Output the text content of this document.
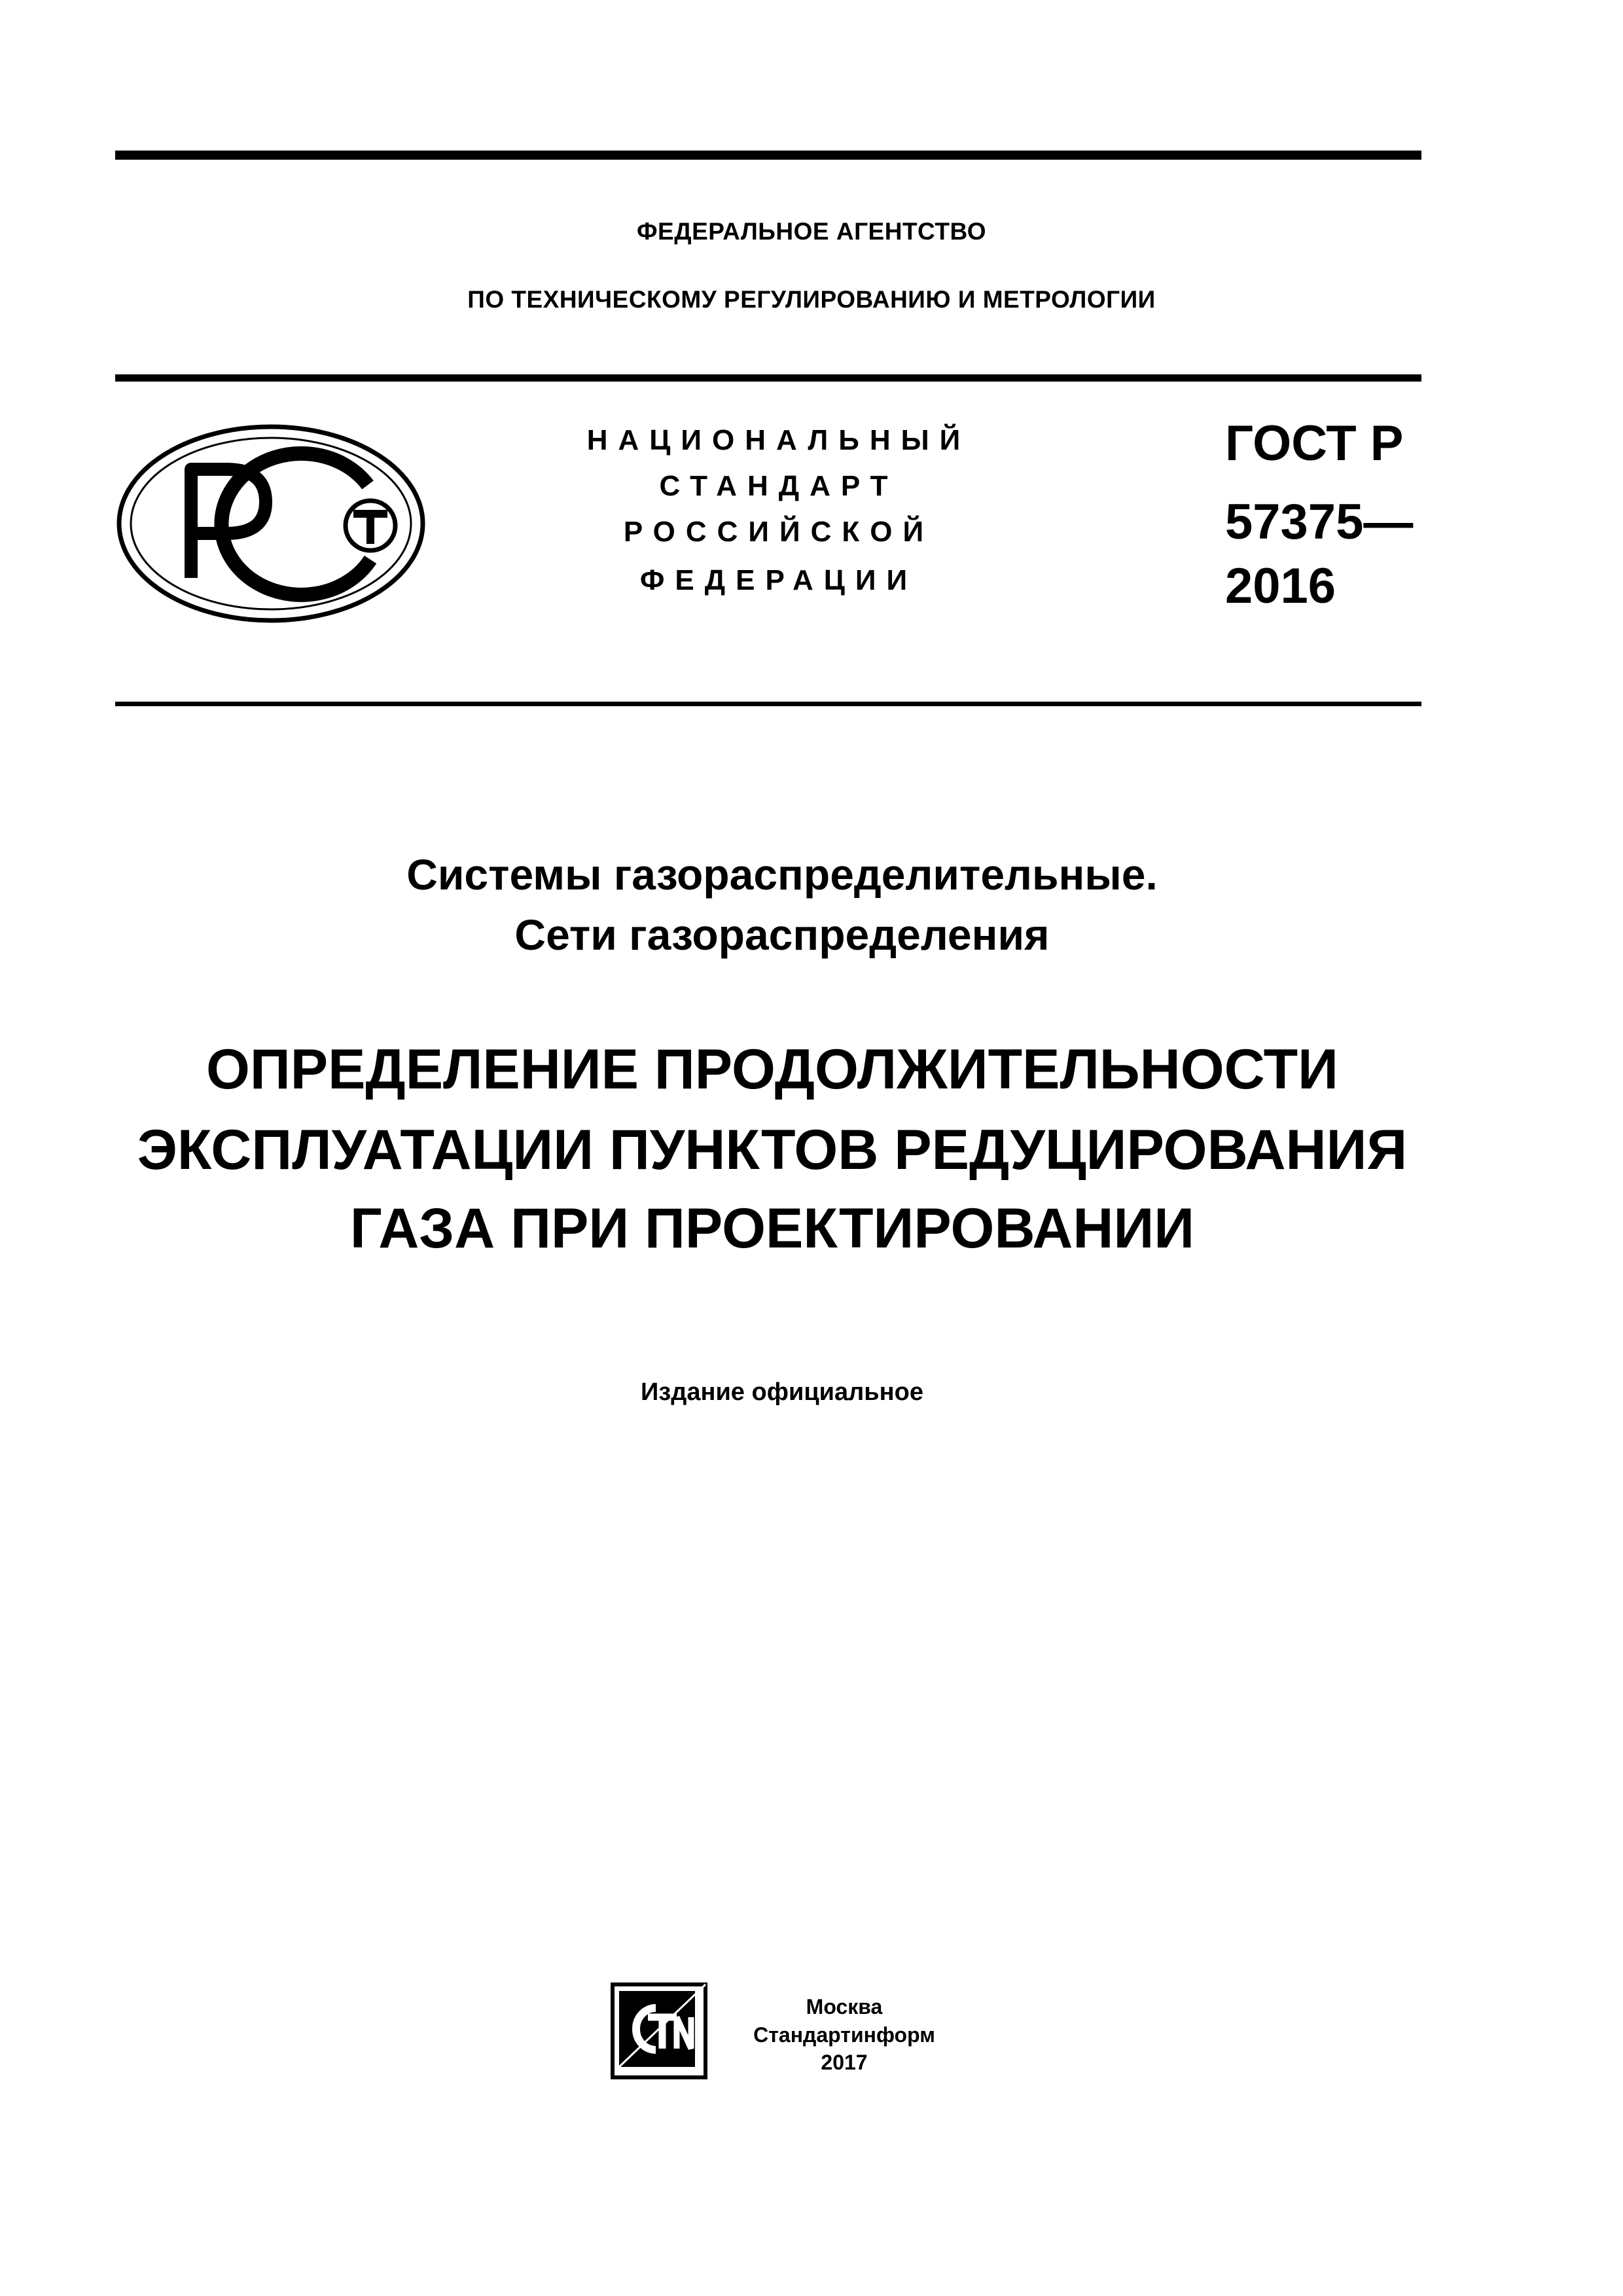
ФЕДЕРАЛЬНОЕ АГЕНТСТВО
ПО ТЕХНИЧЕСКОМУ РЕГУЛИРОВАНИЮ И МЕТРОЛОГИИ
НАЦИОНАЛЬНЫЙ
СТАНДАРТ
РОССИЙСКОЙ
ФЕДЕРАЦИИ
ГОСТ Р
57375—
2016
Системы газораспределительные.
Сети газораспределения
ОПРЕДЕЛЕНИЕ ПРОДОЛЖИТЕЛЬНОСТИ
ЭКСПЛУАТАЦИИ ПУНКТОВ РЕДУЦИРОВАНИЯ
ГАЗА ПРИ ПРОЕКТИРОВАНИИ
Издание официальное
Москва
Стандартинформ
2017
